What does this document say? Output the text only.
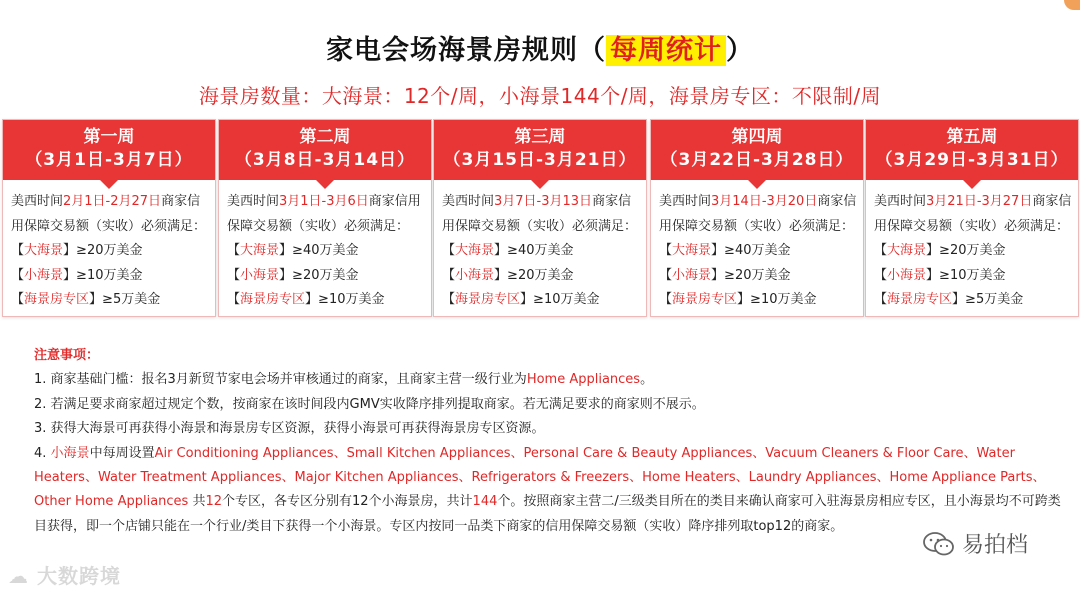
家电会场海景房规则（ 每周统计 ）
海景房数量：大海景：12个/周，小海景144个/周，海景房专区：不限制/周
第一周
（3月1日-3月7日）
美西时间2月1日-2月27日商家信用保障交易额（实收）必须满足：
【大海景】≥20万美金
【小海景】≥10万美金
【海景房专区】≥5万美金
第二周
（3月8日-3月14日）
美西时间3月1日-3月6日商家信用保障交易额（实收）必须满足：
【大海景】≥40万美金
【小海景】≥20万美金
【海景房专区】≥10万美金
第三周
（3月15日-3月21日）
美西时间3月7日-3月13日商家信用保障交易额（实收）必须满足：
【大海景】≥40万美金
【小海景】≥20万美金
【海景房专区】≥10万美金
第四周
（3月22日-3月28日）
美西时间3月14日-3月20日商家信用保障交易额（实收）必须满足：
【大海景】≥40万美金
【小海景】≥20万美金
【海景房专区】≥10万美金
第五周
（3月29日-3月31日）
美西时间3月21日-3月27日商家信用保障交易额（实收）必须满足：
【大海景】≥20万美金
【小海景】≥10万美金
【海景房专区】≥5万美金

注意事项：

1. 商家基础门槛：报名3月新贸节家电会场并审核通过的商家，且商家主营一级行业为Home Appliances。

2. 若满足要求商家超过规定个数，按商家在该时间段内GMV实收降序排列提取商家。若无满足要求的商家则不展示。

3. 获得大海景可再获得小海景和海景房专区资源，获得小海景可再获得海景房专区资源。

4. 小海景中每周设置Air Conditioning Appliances、Small Kitchen Appliances、Personal Care & Beauty Appliances、Vacuum Cleaners & Floor Care、Water Heaters、Water Treatment Appliances、Major Kitchen Appliances、Refrigerators & Freezers、Home Heaters、Laundry Appliances、Home Appliance Parts、Other Home Appliances 共12个专区，各专区分别有12个小海景房，共计144个。按照商家主营二/三级类目所在的类目来确认商家可入驻海景房相应专区，且小海景均不可跨类目获得，即一个店铺只能在一个行业/类目下获得一个小海景。专区内按同一品类下商家的信用保障交易额（实收）降序排列取top12的商家。

☁ 大数跨境
易拍档
